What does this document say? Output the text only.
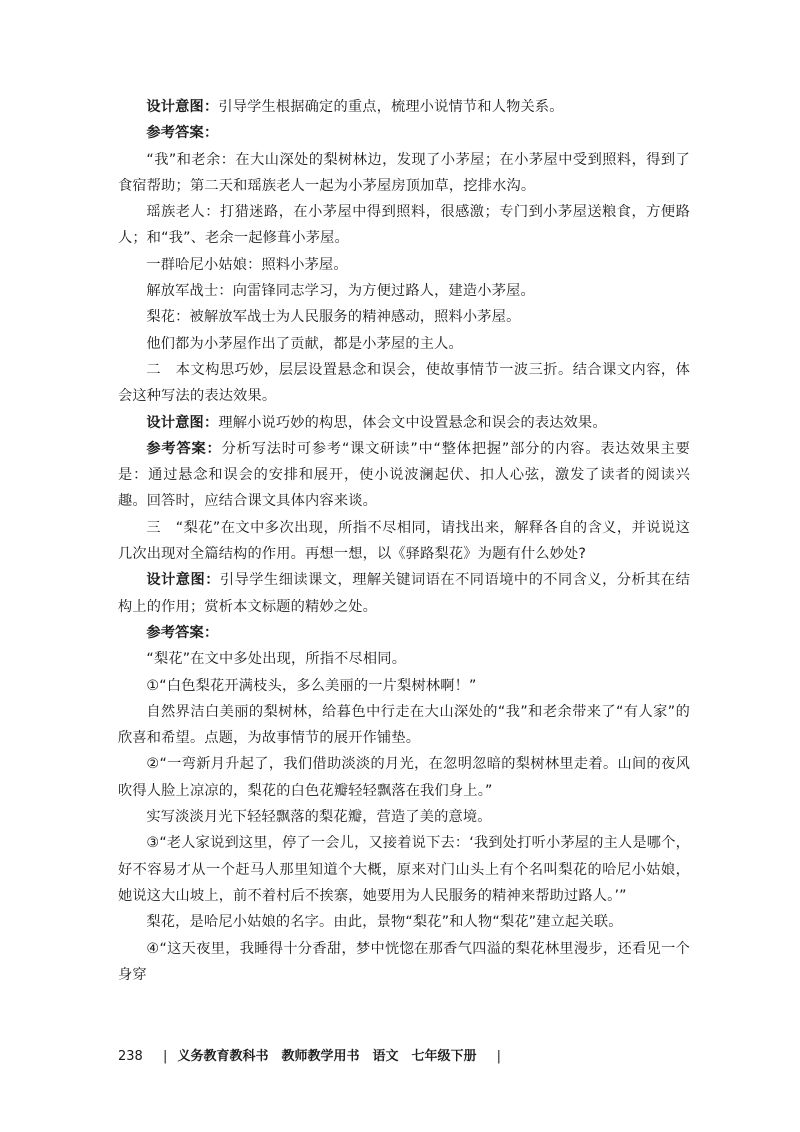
设计意图：引导学生根据确定的重点，梳理小说情节和人物关系。

参考答案：

“我”和老余：在大山深处的梨树林边，发现了小茅屋；在小茅屋中受到照料，得到了食宿帮助；第二天和瑶族老人一起为小茅屋房顶加草，挖排水沟。

瑶族老人：打猎迷路，在小茅屋中得到照料，很感激；专门到小茅屋送粮食，方便路人；和“我”、老余一起修葺小茅屋。

一群哈尼小姑娘：照料小茅屋。

解放军战士：向雷锋同志学习，为方便过路人，建造小茅屋。

梨花：被解放军战士为人民服务的精神感动，照料小茅屋。

他们都为小茅屋作出了贡献，都是小茅屋的主人。

二　本文构思巧妙，层层设置悬念和误会，使故事情节一波三折。结合课文内容，体会这种写法的表达效果。

设计意图：理解小说巧妙的构思，体会文中设置悬念和误会的表达效果。

参考答案：分析写法时可参考“课文研读”中“整体把握”部分的内容。表达效果主要是：通过悬念和误会的安排和展开，使小说波澜起伏、扣人心弦，激发了读者的阅读兴趣。回答时，应结合课文具体内容来谈。

三　“梨花”在文中多次出现，所指不尽相同，请找出来，解释各自的含义，并说说这几次出现对全篇结构的作用。再想一想，以《驿路梨花》为题有什么妙处?

设计意图：引导学生细读课文，理解关键词语在不同语境中的不同含义，分析其在结构上的作用；赏析本文标题的精妙之处。

参考答案：

“梨花”在文中多处出现，所指不尽相同。

①“白色梨花开满枝头，多么美丽的一片梨树林啊！”

自然界洁白美丽的梨树林，给暮色中行走在大山深处的“我”和老余带来了“有人家”的欣喜和希望。点题，为故事情节的展开作铺垫。

②“一弯新月升起了，我们借助淡淡的月光，在忽明忽暗的梨树林里走着。山间的夜风吹得人脸上凉凉的，梨花的白色花瓣轻轻飘落在我们身上。”

实写淡淡月光下轻轻飘落的梨花瓣，营造了美的意境。

③“老人家说到这里，停了一会儿，又接着说下去：‘我到处打听小茅屋的主人是哪个，好不容易才从一个赶马人那里知道个大概，原来对门山头上有个名叫梨花的哈尼小姑娘，她说这大山坡上，前不着村后不挨寨，她要用为人民服务的精神来帮助过路人。’”

梨花，是哈尼小姑娘的名字。由此，景物“梨花”和人物“梨花”建立起关联。

④“这天夜里，我睡得十分香甜，梦中恍惚在那香气四溢的梨花林里漫步，还看见一个身穿

238 | 义务教育教科书　教师教学用书　语文　七年级下册 |
